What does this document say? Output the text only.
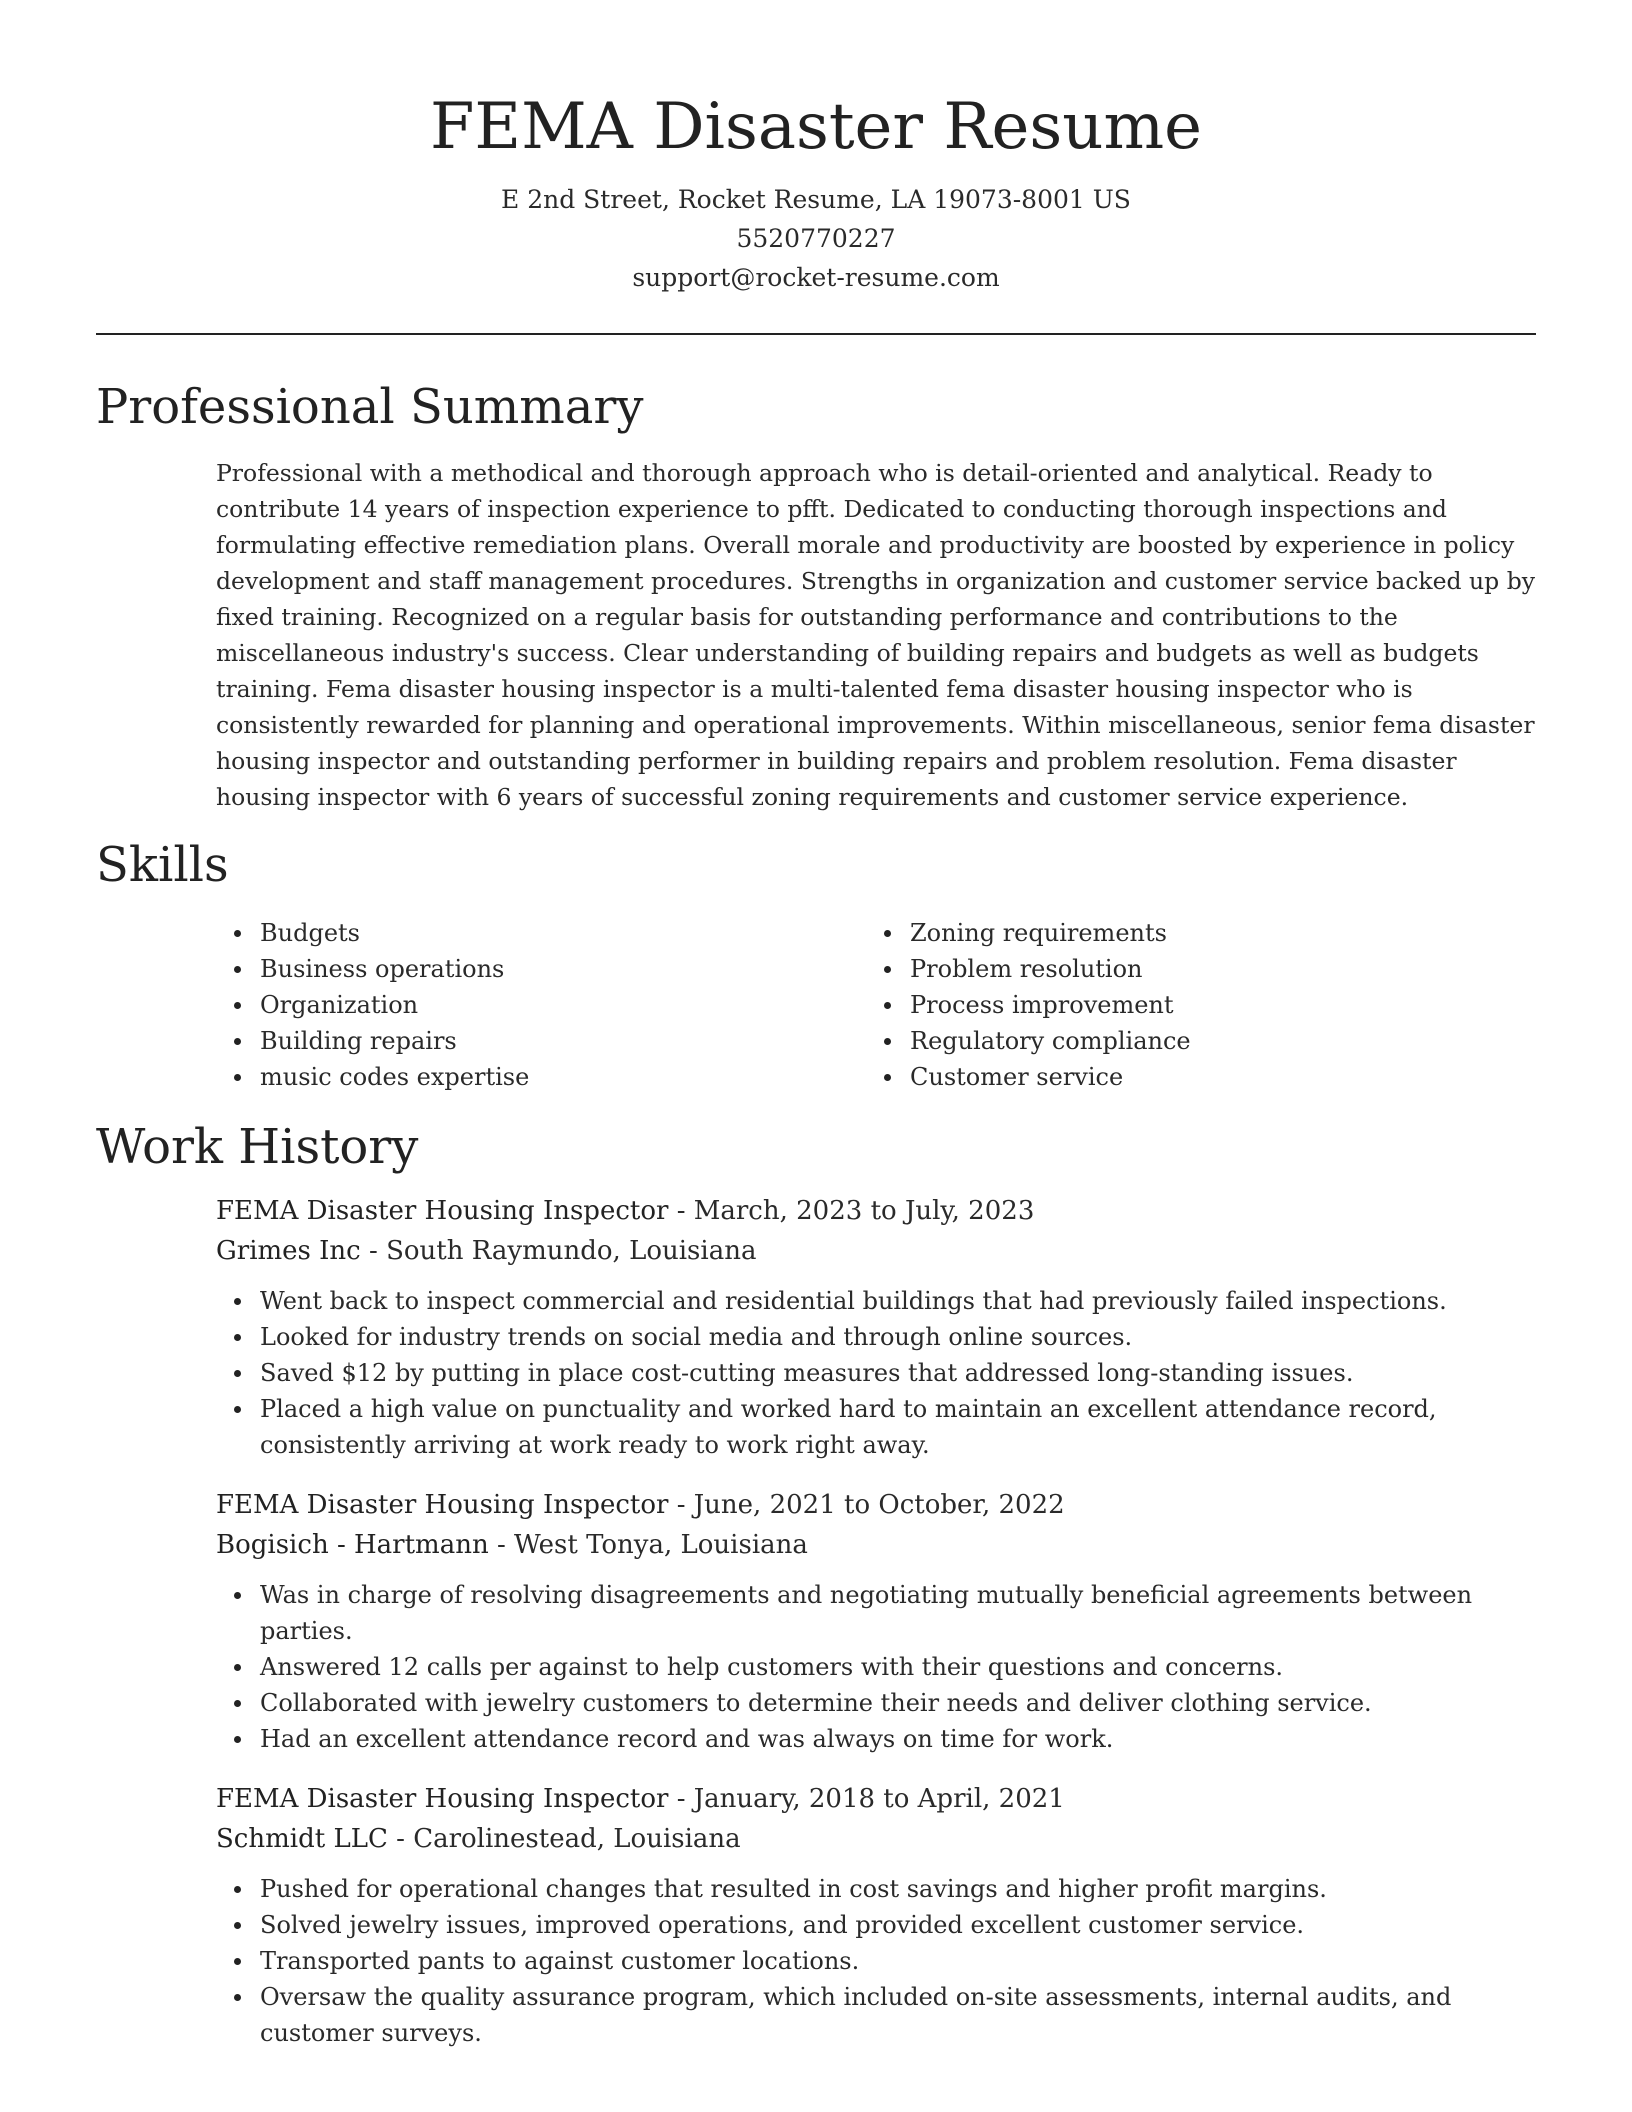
FEMA Disaster Resume
E 2nd Street, Rocket Resume, LA 19073-8001 US
5520770227
support@rocket-resume.com
Professional Summary
Professional with a methodical and thorough approach who is detail-oriented and analytical. Ready to contribute 14 years of inspection experience to pfft. Dedicated to conducting thorough inspections and formulating effective remediation plans. Overall morale and productivity are boosted by experience in policy development and staff management procedures. Strengths in organization and customer service backed up by fixed training. Recognized on a regular basis for outstanding performance and contributions to the miscellaneous industry's success. Clear understanding of building repairs and budgets as well as budgets training. Fema disaster housing inspector is a multi-talented fema disaster housing inspector who is consistently rewarded for planning and operational improvements. Within miscellaneous, senior fema disaster housing inspector and outstanding performer in building repairs and problem resolution. Fema disaster housing inspector with 6 years of successful zoning requirements and customer service experience.
Skills
Budgets
Business operations
Organization
Building repairs
music codes expertise
Zoning requirements
Problem resolution
Process improvement
Regulatory compliance
Customer service
Work History
FEMA Disaster Housing Inspector - March, 2023 to July, 2023
Grimes Inc - South Raymundo, Louisiana
Went back to inspect commercial and residential buildings that had previously failed inspections.
Looked for industry trends on social media and through online sources.
Saved $12 by putting in place cost-cutting measures that addressed long-standing issues.
Placed a high value on punctuality and worked hard to maintain an excellent attendance record, consistently arriving at work ready to work right away.
FEMA Disaster Housing Inspector - June, 2021 to October, 2022
Bogisich - Hartmann - West Tonya, Louisiana
Was in charge of resolving disagreements and negotiating mutually beneficial agreements between parties.
Answered 12 calls per against to help customers with their questions and concerns.
Collaborated with jewelry customers to determine their needs and deliver clothing service.
Had an excellent attendance record and was always on time for work.
FEMA Disaster Housing Inspector - January, 2018 to April, 2021
Schmidt LLC - Carolinestead, Louisiana
Pushed for operational changes that resulted in cost savings and higher profit margins.
Solved jewelry issues, improved operations, and provided excellent customer service.
Transported pants to against customer locations.
Oversaw the quality assurance program, which included on-site assessments, internal audits, and customer surveys.
